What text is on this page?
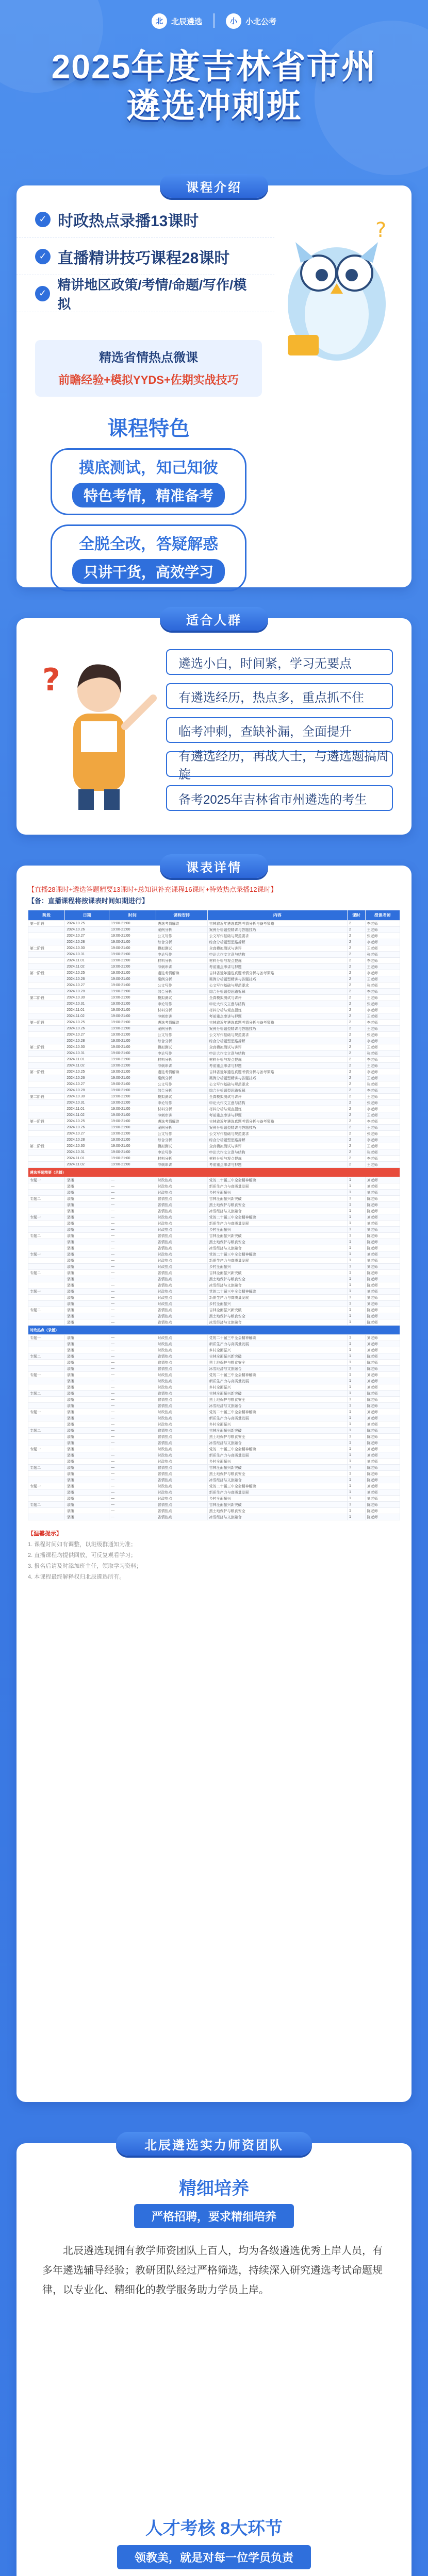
北	北辰遴选	小	小北公考
2025年度吉林省市州
遴选冲刺班
课程介绍
✓ 时政热点录播13课时
✓ 直播精讲技巧课程28课时
✓
精讲地区政策/考情/命题/写作/模拟
?
精选省情热点微课
前瞻经验+模拟YYDS+佐期实战技巧
课程特色
摸底测试，知己知彼
特色考情，精准备考
全脱全改，答疑解惑
只讲干货，高效学习
适合人群
?	遴选小白，时间紧，学习无要点
有遴选经历，热点多，重点抓不住
临考冲刺，查缺补漏，全面提升
有遴选经历，再战人士，与遴选题搞周旋
备考2025年吉林省市州遴选的考生
课表详情
【直播28课时+遴选答题精要13课时+总知识补充课程16课时+特效热点录播12课时】
【备：直播课程将按课表时间如期进行】
阶段	日期	时间	课程安排	内容	课时	授课老师
第一阶段	2024.10.25	19:00-21:00	遴选考情解读	吉林省近年遴选真题考情分析与备考策略	2	李老师
	2024.10.26	19:00-21:00	案例分析	案例分析题型精讲与答题技巧	2	王老师
	2024.10.27	19:00-21:00	公文写作	公文写作基础与规范要求	2	张老师
	2024.10.28	19:00-21:00	综合分析	综合分析题型思路拆解	2	李老师
第二阶段	2024.10.30	19:00-21:00	模拟测试	全真模拟测试与讲评	2	王老师
	2024.10.31	19:00-21:00	申论写作	申论大作文立意与结构	2	张老师
	2024.11.01	19:00-21:00	材料分析	材料分析与观点提炼	2	李老师
	2024.11.02	19:00-21:00	冲刺串讲	考前重点串讲与押题	2	王老师
第一阶段	2024.10.25	19:00-21:00	遴选考情解读	吉林省近年遴选真题考情分析与备考策略	2	李老师
	2024.10.26	19:00-21:00	案例分析	案例分析题型精讲与答题技巧	2	王老师
	2024.10.27	19:00-21:00	公文写作	公文写作基础与规范要求	2	张老师
	2024.10.28	19:00-21:00	综合分析	综合分析题型思路拆解	2	李老师
第二阶段	2024.10.30	19:00-21:00	模拟测试	全真模拟测试与讲评	2	王老师
	2024.10.31	19:00-21:00	申论写作	申论大作文立意与结构	2	张老师
	2024.11.01	19:00-21:00	材料分析	材料分析与观点提炼	2	李老师
	2024.11.02	19:00-21:00	冲刺串讲	考前重点串讲与押题	2	王老师
第一阶段	2024.10.25	19:00-21:00	遴选考情解读	吉林省近年遴选真题考情分析与备考策略	2	李老师
	2024.10.26	19:00-21:00	案例分析	案例分析题型精讲与答题技巧	2	王老师
	2024.10.27	19:00-21:00	公文写作	公文写作基础与规范要求	2	张老师
	2024.10.28	19:00-21:00	综合分析	综合分析题型思路拆解	2	李老师
第二阶段	2024.10.30	19:00-21:00	模拟测试	全真模拟测试与讲评	2	王老师
	2024.10.31	19:00-21:00	申论写作	申论大作文立意与结构	2	张老师
	2024.11.01	19:00-21:00	材料分析	材料分析与观点提炼	2	李老师
	2024.11.02	19:00-21:00	冲刺串讲	考前重点串讲与押题	2	王老师
第一阶段	2024.10.25	19:00-21:00	遴选考情解读	吉林省近年遴选真题考情分析与备考策略	2	李老师
	2024.10.26	19:00-21:00	案例分析	案例分析题型精讲与答题技巧	2	王老师
	2024.10.27	19:00-21:00	公文写作	公文写作基础与规范要求	2	张老师
	2024.10.28	19:00-21:00	综合分析	综合分析题型思路拆解	2	李老师
第二阶段	2024.10.30	19:00-21:00	模拟测试	全真模拟测试与讲评	2	王老师
	2024.10.31	19:00-21:00	申论写作	申论大作文立意与结构	2	张老师
	2024.11.01	19:00-21:00	材料分析	材料分析与观点提炼	2	李老师
	2024.11.02	19:00-21:00	冲刺串讲	考前重点串讲与押题	2	王老师
第一阶段	2024.10.25	19:00-21:00	遴选考情解读	吉林省近年遴选真题考情分析与备考策略	2	李老师
	2024.10.26	19:00-21:00	案例分析	案例分析题型精讲与答题技巧	2	王老师
	2024.10.27	19:00-21:00	公文写作	公文写作基础与规范要求	2	张老师
	2024.10.28	19:00-21:00	综合分析	综合分析题型思路拆解	2	李老师
第二阶段	2024.10.30	19:00-21:00	模拟测试	全真模拟测试与讲评	2	王老师
	2024.10.31	19:00-21:00	申论写作	申论大作文立意与结构	2	张老师
	2024.11.01	19:00-21:00	材料分析	材料分析与观点提炼	2	李老师
	2024.11.02	19:00-21:00	冲刺串讲	考前重点串讲与押题	2	王老师
遴选答题精要（录播）						
专题一	录播	—	时政热点	党的二十届三中全会精神解读	1	刘老师
	录播	—	时政热点	新质生产力与高质量发展	1	刘老师
	录播	—	时政热点	乡村全面振兴	1	刘老师
专题二	录播	—	省情热点	吉林全面振兴新突破	1	陈老师
	录播	—	省情热点	黑土地保护与粮食安全	1	陈老师
	录播	—	省情热点	冰雪经济与文旅融合	1	陈老师
专题一	录播	—	时政热点	党的二十届三中全会精神解读	1	刘老师
	录播	—	时政热点	新质生产力与高质量发展	1	刘老师
	录播	—	时政热点	乡村全面振兴	1	刘老师
专题二	录播	—	省情热点	吉林全面振兴新突破	1	陈老师
	录播	—	省情热点	黑土地保护与粮食安全	1	陈老师
	录播	—	省情热点	冰雪经济与文旅融合	1	陈老师
专题一	录播	—	时政热点	党的二十届三中全会精神解读	1	刘老师
	录播	—	时政热点	新质生产力与高质量发展	1	刘老师
	录播	—	时政热点	乡村全面振兴	1	刘老师
专题二	录播	—	省情热点	吉林全面振兴新突破	1	陈老师
	录播	—	省情热点	黑土地保护与粮食安全	1	陈老师
	录播	—	省情热点	冰雪经济与文旅融合	1	陈老师
专题一	录播	—	时政热点	党的二十届三中全会精神解读	1	刘老师
	录播	—	时政热点	新质生产力与高质量发展	1	刘老师
	录播	—	时政热点	乡村全面振兴	1	刘老师
专题二	录播	—	省情热点	吉林全面振兴新突破	1	陈老师
	录播	—	省情热点	黑土地保护与粮食安全	1	陈老师
	录播	—	省情热点	冰雪经济与文旅融合	1	陈老师
时政热点（录播）						
专题一	录播	—	时政热点	党的二十届三中全会精神解读	1	刘老师
	录播	—	时政热点	新质生产力与高质量发展	1	刘老师
	录播	—	时政热点	乡村全面振兴	1	刘老师
专题二	录播	—	省情热点	吉林全面振兴新突破	1	陈老师
	录播	—	省情热点	黑土地保护与粮食安全	1	陈老师
	录播	—	省情热点	冰雪经济与文旅融合	1	陈老师
专题一	录播	—	时政热点	党的二十届三中全会精神解读	1	刘老师
	录播	—	时政热点	新质生产力与高质量发展	1	刘老师
	录播	—	时政热点	乡村全面振兴	1	刘老师
专题二	录播	—	省情热点	吉林全面振兴新突破	1	陈老师
	录播	—	省情热点	黑土地保护与粮食安全	1	陈老师
	录播	—	省情热点	冰雪经济与文旅融合	1	陈老师
专题一	录播	—	时政热点	党的二十届三中全会精神解读	1	刘老师
	录播	—	时政热点	新质生产力与高质量发展	1	刘老师
	录播	—	时政热点	乡村全面振兴	1	刘老师
专题二	录播	—	省情热点	吉林全面振兴新突破	1	陈老师
	录播	—	省情热点	黑土地保护与粮食安全	1	陈老师
	录播	—	省情热点	冰雪经济与文旅融合	1	陈老师
专题一	录播	—	时政热点	党的二十届三中全会精神解读	1	刘老师
	录播	—	时政热点	新质生产力与高质量发展	1	刘老师
	录播	—	时政热点	乡村全面振兴	1	刘老师
专题二	录播	—	省情热点	吉林全面振兴新突破	1	陈老师
	录播	—	省情热点	黑土地保护与粮食安全	1	陈老师
	录播	—	省情热点	冰雪经济与文旅融合	1	陈老师
专题一	录播	—	时政热点	党的二十届三中全会精神解读	1	刘老师
	录播	—	时政热点	新质生产力与高质量发展	1	刘老师
	录播	—	时政热点	乡村全面振兴	1	刘老师
专题二	录播	—	省情热点	吉林全面振兴新突破	1	陈老师
	录播	—	省情热点	黑土地保护与粮食安全	1	陈老师
	录播	—	省情热点	冰雪经济与文旅融合	1	陈老师

【温馨提示】

1. 课程时间如有调整，以班级群通知为准；

2. 直播课程均提供回放，可反复观看学习；

3. 报名后请及时添加班主任，领取学习资料；

4. 本课程最终解释权归北辰遴选所有。

北辰遴选实力师资团队
精细培养
严格招聘，要求精细培养
北辰遴选现拥有教学师资团队上百人，均为各级遴选优秀上岸人员，有多年遴选辅导经验；教研团队经过严格筛选，持续深入研究遴选考试命题规律，以专业化、精细化的教学服务助力学员上岸。
人才考核 8大环节
领教美，就是对每一位学员负责
